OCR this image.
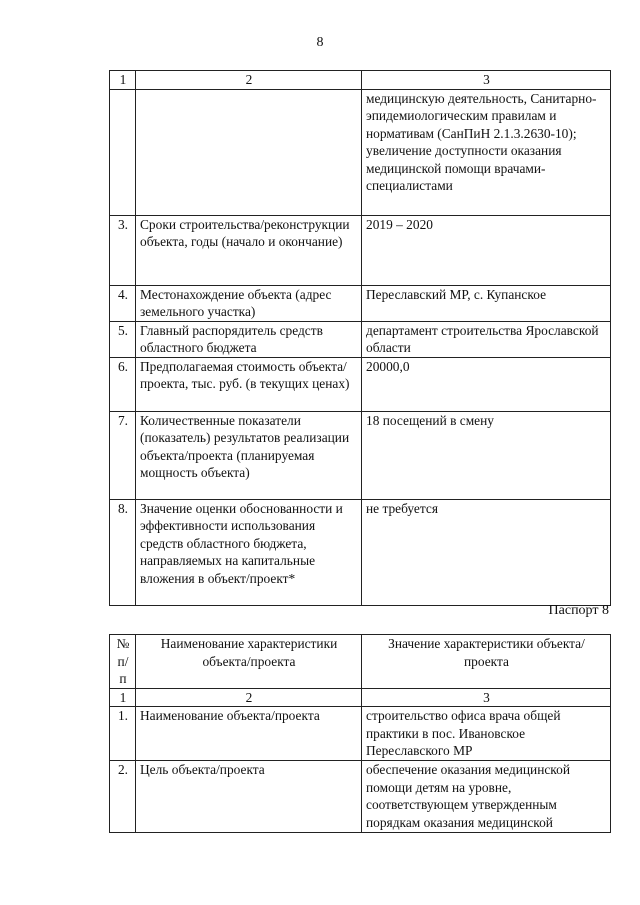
8
1	2	3
		медицинскую деятельность, Санитарно-эпидемиологическим правилам и нормативам (СанПиН 2.1.3.2630-10); увеличение доступности оказания медицинской помощи врачами-специалистами
3.	Сроки строительства/реконструкции объекта, годы (начало и окончание)	2019 – 2020
4.	Местонахождение объекта (адрес земельного участка)	Переславский МР, с. Купанское
5.	Главный распорядитель средств областного бюджета	департамент строительства Ярославской области
6.	Предполагаемая стоимость объекта/проекта, тыс. руб. (в текущих ценах)	20000,0
7.	Количественные показатели (показатель) результатов реализации объекта/проекта (планируемая мощность объекта)	18 посещений в смену
8.	Значение оценки обоснованности и эффективности использования средств областного бюджета, направляемых на капитальные вложения в объект/проект*	не требуется
Паспорт 8
№ п/п	Наименование характеристики объекта/проекта	Значение характеристики объекта/проекта
1	2	3
1.	Наименование объекта/проекта	строительство офиса врача общей практики в пос. Ивановское Переславского МР
2.	Цель объекта/проекта	обеспечение оказания медицинской помощи детям на уровне, соответствующем утвержденным порядкам оказания медицинской
